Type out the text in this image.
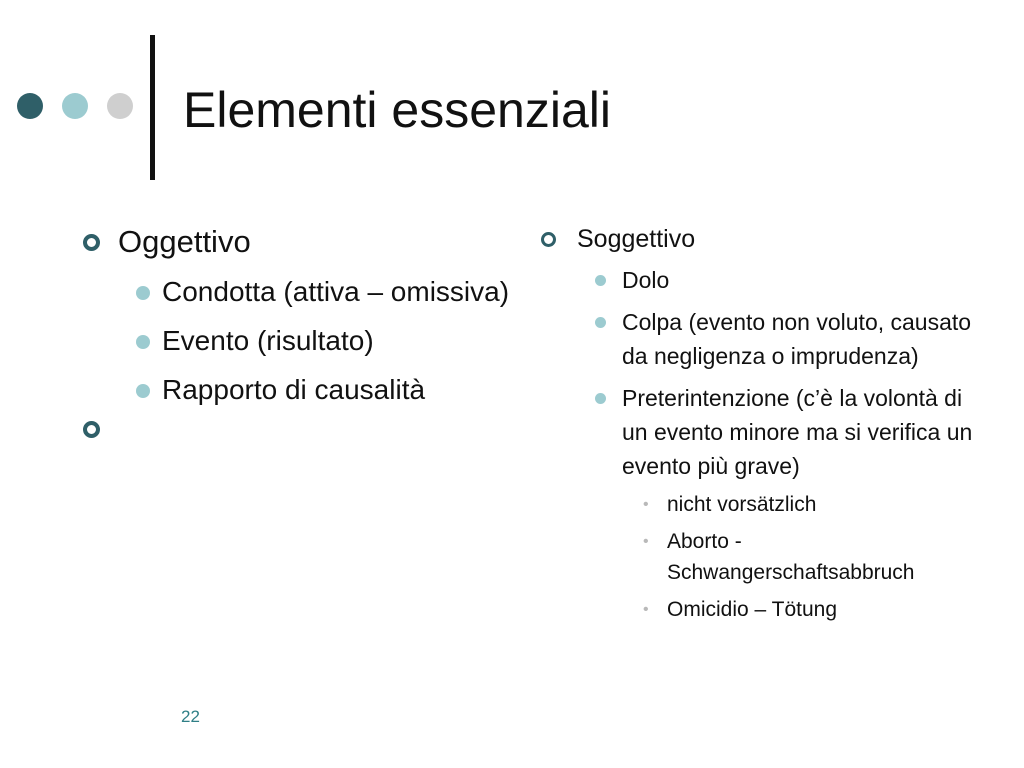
Elementi essenziali
Oggettivo
Condotta (attiva – omissiva)
Evento (risultato)
Rapporto di causalità
Soggettivo
Dolo
Colpa (evento non voluto, causato da negligenza o imprudenza)
Preterintenzione (c’è la volontà di un evento minore ma si verifica un evento più grave)
• nicht vorsätzlich
• Aborto - Schwangerschaftsabbruch
• Omicidio – Tötung
22
